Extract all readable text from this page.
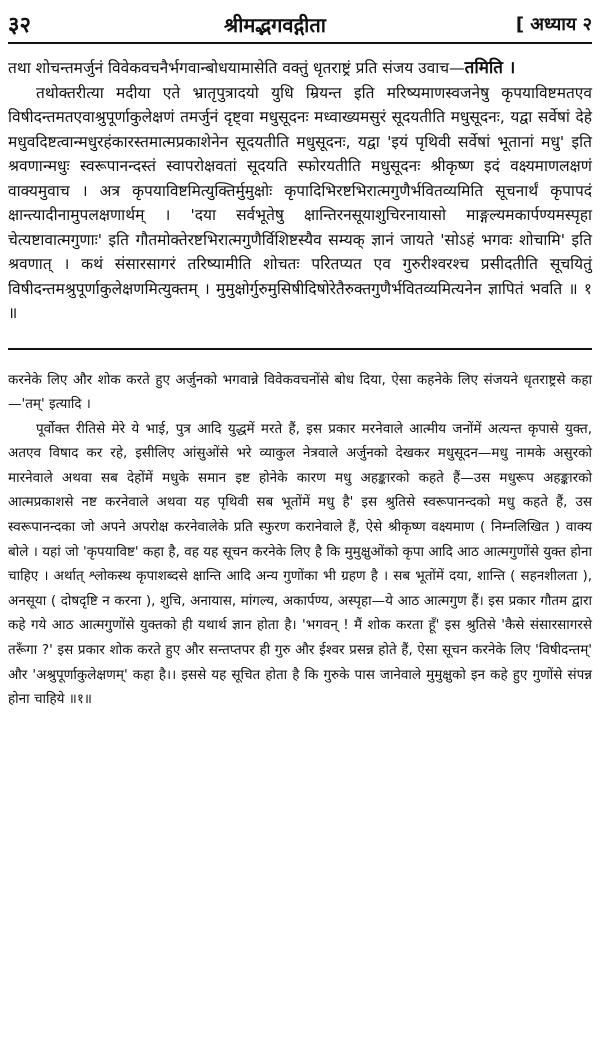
३२	श्रीमद्भगवद्गीता	[ अध्याय २

तथा शोचन्तमर्जुनं विवेकवचनैर्भगवान्बोधयामासेति वक्तुं धृतराष्ट्रं प्रति संजय उवाच—तमिति ।

तथोक्तरीत्या मदीया एते भ्रातृपुत्रादयो युधि म्रियन्त इति मरिष्यमाणस्वजनेषु कृपयाविष्टमतएव विषीदन्तमतएवाश्रुपूर्णाकुलेक्षणं तमर्जुनं दृष्ट्वा मधुसूदनः मध्वाख्यमसुरं सूदयतीति मधुसूदनः, यद्वा सर्वेषां देहे मधुवदिष्टत्वान्मधुरहंकारस्तमात्मप्रकाशेनेन सूदयतीति मधुसूदनः, यद्वा 'इयं पृथिवी सर्वेषां भूतानां मधु' इति श्रवणान्मधुः स्वरूपानन्दस्तं स्वापरोक्षवतां सूदयति स्फोरयतीति मधुसूदनः श्रीकृष्ण इदं वक्ष्यमाणलक्षणं वाक्यमुवाच । अत्र कृपयाविष्टमित्युक्तिर्मुमुक्षोः कृपादिभिरष्टभिरात्मगुणैर्भवितव्यमिति सूचनार्थं कृपापदं क्षान्त्यादीनामुपलक्षणार्थम् । 'दया सर्वभूतेषु क्षान्तिरनसूयाशुचिरनायासो माङ्गल्यमकार्पण्यमस्पृहा चेत्यष्टावात्मगुणाः' इति गौतमोक्तेरष्टभिरात्मगुणैर्विशिष्टस्यैव सम्यक् ज्ञानं जायते 'सोऽहं भगवः शोचामि' इति श्रवणात् । कथं संसारसागरं तरिष्यामीति शोचतः परितप्यत एव गुरुरीश्वरश्च प्रसीदतीति सूचयितुं विषीदन्तमश्रुपूर्णाकुलेक्षणमित्युक्तम् । मुमुक्षोर्गुरुमुसिषीदिषोरेतैरुक्तगुणैर्भवितव्यमित्यनेन ज्ञापितं भवति ॥ १ ॥

करनेके लिए और शोक करते हुए अर्जुनको भगवान्ने विवेकवचनोंसे बोध दिया, ऐसा कहनेके लिए संजयने धृतराष्ट्रसे कहा—'तम्' इत्यादि ।

पूर्वोक्त रीतिसे मेरे ये भाई, पुत्र आदि युद्धमें मरते हैं, इस प्रकार मरनेवाले आत्मीय जनोंमें अत्यन्त कृपासे युक्त, अतएव विषाद कर रहे, इसीलिए आंसुओंसे भरे व्याकुल नेत्रवाले अर्जुनको देखकर मधुसूदन—मधु नामके असुरको मारनेवाले अथवा सब देहोंमें मधुके समान इष्ट होनेके कारण मधु अहङ्कारको कहते हैं—उस मधुरूप अहङ्कारको आत्मप्रकाशसे नष्ट करनेवाले अथवा यह पृथिवी सब भूतोंमें मधु है' इस श्रुतिसे स्वरूपानन्दको मधु कहते हैं, उस स्वरूपानन्दका जो अपने अपरोक्ष करनेवालेके प्रति स्फुरण करानेवाले हैं, ऐसे श्रीकृष्ण वक्ष्यमाण ( निम्नलिखित ) वाक्य बोले । यहां जो 'कृपयाविष्ट' कहा है, वह यह सूचन करनेके लिए है कि मुमुक्षुओंको कृपा आदि आठ आत्मगुणोंसे युक्त होना चाहिए । अर्थात् श्लोकस्थ कृपाशब्दसे क्षान्ति आदि अन्य गुणोंका भी ग्रहण है । सब भूतोंमें दया, शान्ति ( सहनशीलता ), अनसूया ( दोषदृष्टि न करना ), शुचि, अनायास, मांगल्य, अकार्पण्य, अस्पृहा—ये आठ आत्मगुण हैं। इस प्रकार गौतम द्वारा कहे गये आठ आत्मगुणोंसे युक्तको ही यथार्थ ज्ञान होता है। 'भगवन् ! मैं शोक करता हूँ' इस श्रुतिसे 'कैसे संसारसागरसे तरूँगा ?' इस प्रकार शोक करते हुए और सन्तप्तपर ही गुरु और ईश्वर प्रसन्न होते हैं, ऐसा सूचन करनेके लिए 'विषीदन्तम्' और 'अश्रुपूर्णाकुलेक्षणम्' कहा है।। इससे यह सूचित होता है कि गुरुके पास जानेवाले मुमुक्षुको इन कहे हुए गुणोंसे संपन्न होना चाहिये ॥१॥
